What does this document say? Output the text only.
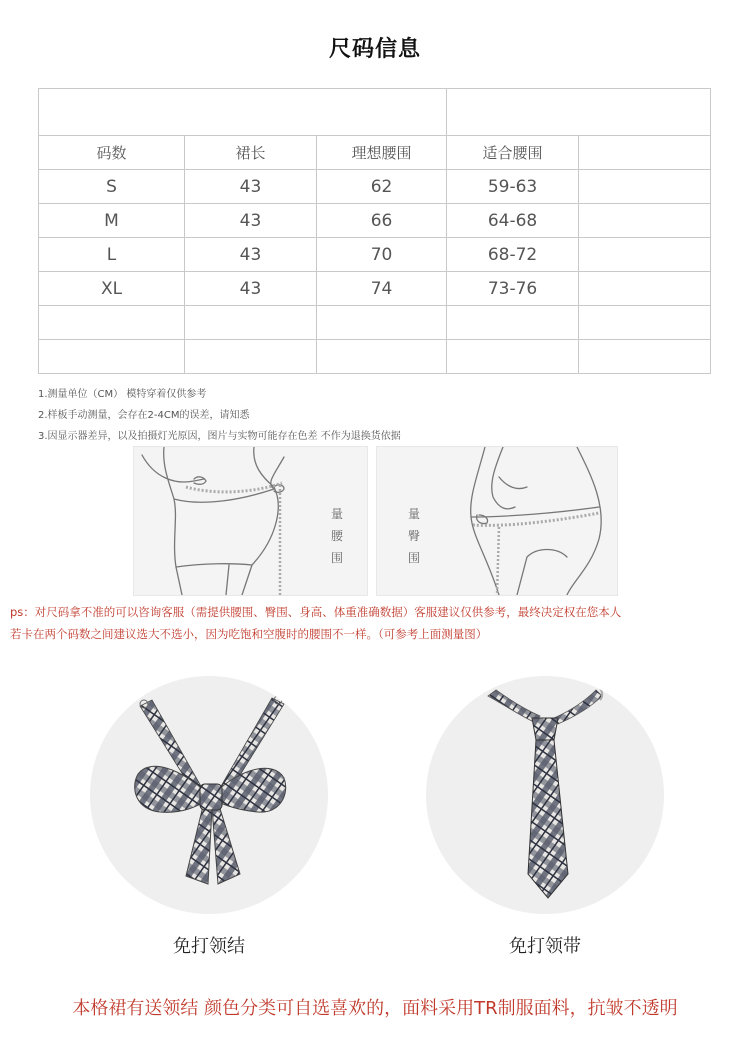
尺码信息

码数	裙长	理想腰围	适合腰围	
S	43	62	59-63	
M	43	66	64-68	
L	43	70	68-72	
XL	43	74	73-76	

1.测量单位（CM） 模特穿着仅供参考
2.样板手动测量，会存在2-4CM的误差，请知悉
3.因显示器差异，以及拍摄灯光原因，图片与实物可能存在色差 不作为退换货依据
量腰围
量臀围
ps：对尺码拿不准的可以咨询客服（需提供腰围、臀围、身高、体重准确数据）客服建议仅供参考，最终决定权在您本人
若卡在两个码数之间建议选大不选小，因为吃饱和空腹时的腰围不一样。（可参考上面测量图）
免打领结	免打领带
本格裙有送领结 颜色分类可自选喜欢的，面料采用TR制服面料，抗皱不透明
